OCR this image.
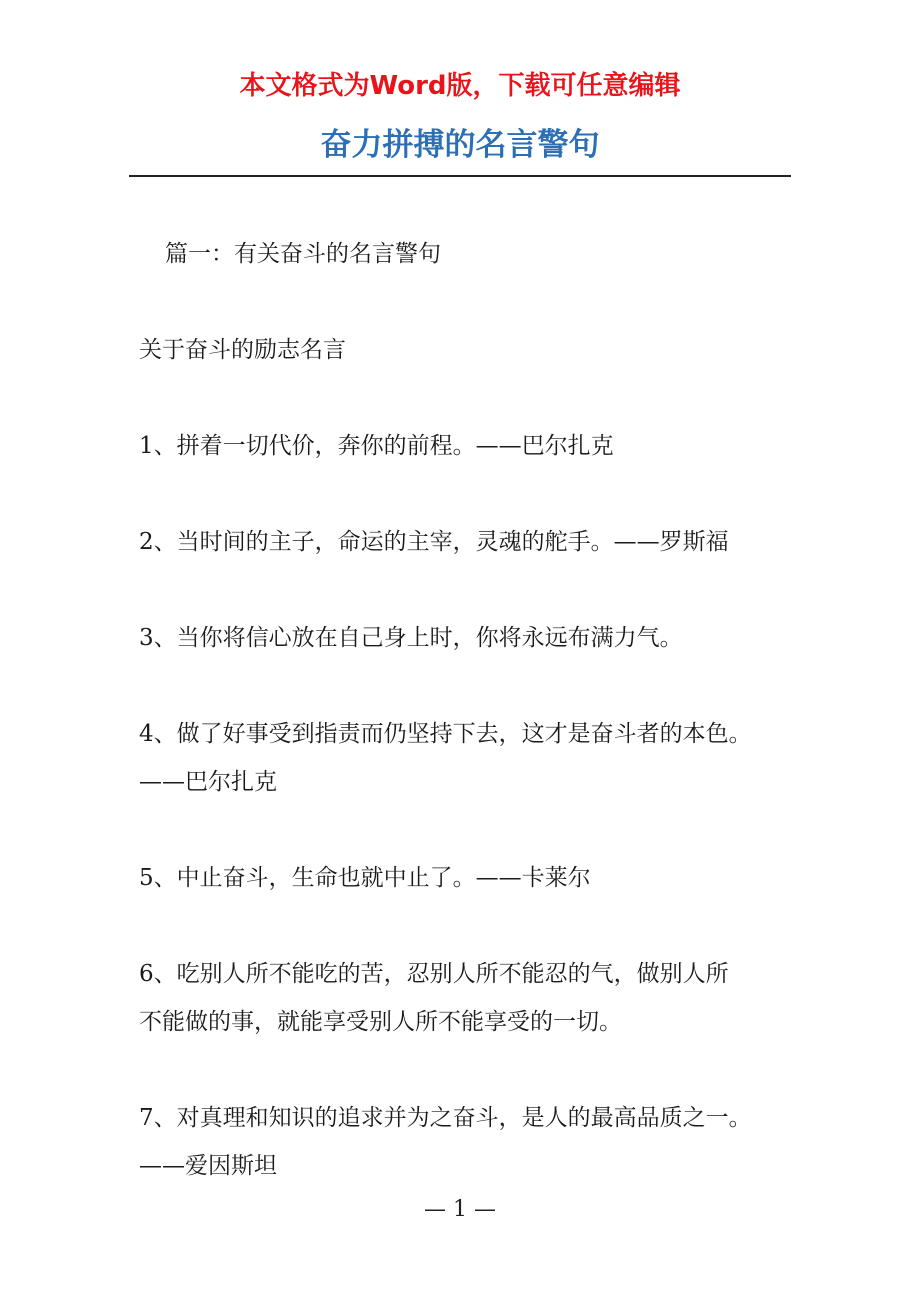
本文格式为Word版，下载可任意编辑
奋力拼搏的名言警句

篇一：有关奋斗的名言警句

关于奋斗的励志名言

1、拼着一切代价，奔你的前程。——巴尔扎克

2、当时间的主子，命运的主宰，灵魂的舵手。——罗斯福

3、当你将信心放在自己身上时，你将永远布满力气。

4、做了好事受到指责而仍坚持下去，这才是奋斗者的本色。
——巴尔扎克

5、中止奋斗，生命也就中止了。——卡莱尔

6、吃别人所不能吃的苦，忍别人所不能忍的气，做别人所
不能做的事，就能享受别人所不能享受的一切。

7、对真理和知识的追求并为之奋斗，是人的最高品质之一。
——爱因斯坦

— 1 —
